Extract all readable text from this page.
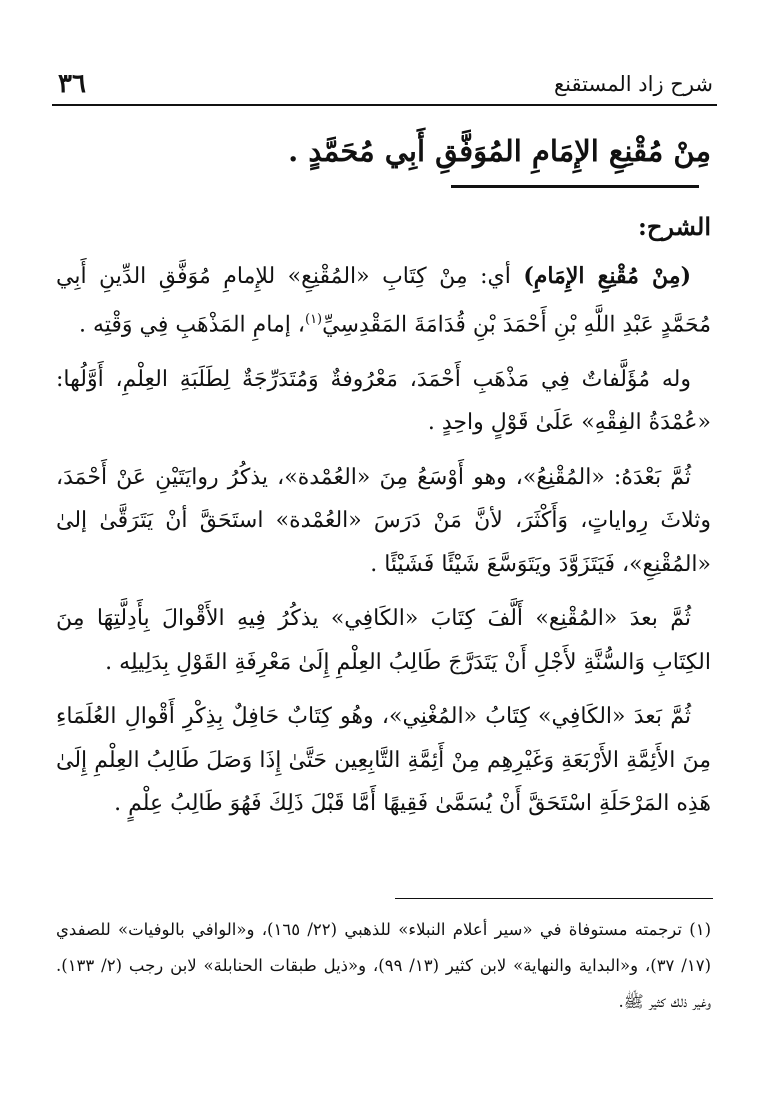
٣٦	شرح زاد المستقنع
مِنْ مُقْنِعِ الإِمَامِ المُوَفَّقِ أَبِي مُحَمَّدٍ .
الشرح:

(مِنْ مُقْنِعِ الإِمَامِ) أي: مِنْ كِتَابِ «المُقْنِعِ» للإِمامِ مُوَفَّقِ الدِّينِ أَبِي مُحَمَّدٍ عَبْدِ اللَّهِ بْنِ أَحْمَدَ بْنِ قُدَامَةَ المَقْدِسِيِّ$^{(١)}$، إمامِ المَذْهَبِ فِي وَقْتِه .

وله مُؤَلَّفاتٌ فِي مَذْهَبِ أَحْمَدَ، مَعْرُوفةٌ وَمُتَدَرِّجَةٌ لِطَلَبَةِ العِلْمِ، أَوَّلُها: «عُمْدَةُ الفِقْهِ» عَلَىٰ قَوْلٍ واحِدٍ .

ثُمَّ بَعْدَهُ: «المُقْنِعُ»، وهو أَوْسَعُ مِنَ «العُمْدة»، يذكُرُ روايَتَيْنِ عَنْ أَحْمَدَ، وثلاثَ رِواياتٍ، وَأَكْثَرَ، لأنَّ مَنْ دَرَسَ «العُمْدة» استَحَقَّ أنْ يَتَرَقَّىٰ إلىٰ «المُقْنِعِ»، فَيَتَزَوَّدَ ويَتَوَسَّعَ شَيْئًا فَشَيْئًا .

ثُمَّ بعدَ «المُقْنِع» أَلَّفَ كِتَابَ «الكَافِي» يذكُرُ فِيهِ الأَقْوالَ بِأَدِلَّتِهَا مِنَ الكِتَابِ وَالسُّنَّةِ لأَجْلِ أَنْ يَتَدَرَّجَ طَالِبُ العِلْمِ إِلَىٰ مَعْرِفَةِ القَوْلِ بِدَلِيلِه .

ثُمَّ بَعدَ «الكَافِي» كِتَابُ «المُغْنِي»، وهُو كِتَابٌ حَافِلٌ بِذِكْرِ أَقْوالِ العُلَمَاءِ مِنَ الأَئِمَّةِ الأَرْبَعَةِ وَغَيْرِهِم مِنْ أَئِمَّةِ التَّابِعِين حَتَّىٰ إِذَا وَصَلَ طَالِبُ العِلْمِ إِلَىٰ هَذِه المَرْحَلَةِ اسْتَحَقَّ أَنْ يُسَمَّىٰ فَقِيهًا أَمَّا قَبْلَ ذَلِكَ فَهُوَ طَالِبُ عِلْمٍ .

(١) ترجمته مستوفاة في «سير أعلام النبلاء» للذهبي (٢٢/ ١٦٥)، و«الوافي بالوفيات» للصفدي (١٧/ ٣٧)، و«البداية والنهاية» لابن كثير (١٣/ ٩٩)، و«ذيل طبقات الحنابلة» لابن رجب (٢/ ١٣٣). وغير ذلك كثير ﷺ.
